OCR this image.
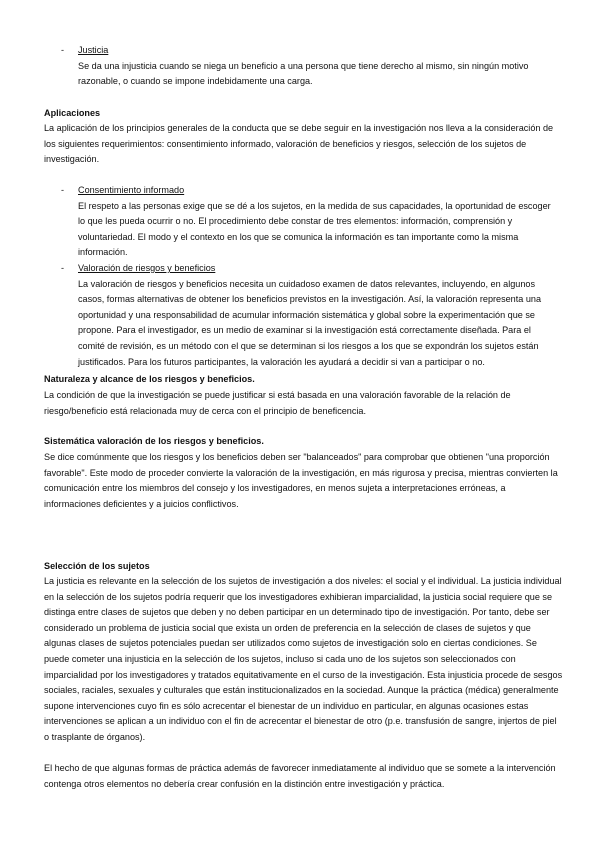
- Justicia

Se da una injusticia cuando se niega un beneficio a una persona que tiene derecho al mismo, sin ningún motivo razonable, o cuando se impone indebidamente una carga.

Aplicaciones

La aplicación de los principios generales de la conducta que se debe seguir en la investigación nos lleva a la consideración de los siguientes requerimientos: consentimiento informado, valoración de beneficios y riesgos, selección de los sujetos de investigación.

- Consentimiento informado

El respeto a las personas exige que se dé a los sujetos, en la medida de sus capacidades, la oportunidad de escoger lo que les pueda ocurrir o no. El procedimiento debe constar de tres elementos: información, comprensión y voluntariedad. El modo y el contexto en los que se comunica la información es tan importante como la misma información.

- Valoración de riesgos y beneficios

La valoración de riesgos y beneficios necesita un cuidadoso examen de datos relevantes, incluyendo, en algunos casos, formas alternativas de obtener los beneficios previstos en la investigación. Así, la valoración representa una oportunidad y una responsabilidad de acumular información sistemática y global sobre la experimentación que se propone. Para el investigador, es un medio de examinar si la investigación está correctamente diseñada. Para el comité de revisión, es un método con el que se determinan si los riesgos a los que se expondrán los sujetos están justificados. Para los futuros participantes, la valoración les ayudará a decidir si van a participar o no.

Naturaleza y alcance de los riesgos y beneficios.

La condición de que la investigación se puede justificar si está basada en una valoración favorable de la relación de riesgo/beneficio está relacionada muy de cerca con el principio de beneficencia.

Sistemática valoración de los riesgos y beneficios.

Se dice comúnmente que los riesgos y los beneficios deben ser "balanceados" para comprobar que obtienen "una proporción favorable". Este modo de proceder convierte la valoración de la investigación, en más rigurosa y precisa, mientras convierten la comunicación entre los miembros del consejo y los investigadores, en menos sujeta a interpretaciones erróneas, a informaciones deficientes y a juicios conflictivos.

Selección de los sujetos

La justicia es relevante en la selección de los sujetos de investigación a dos niveles: el social y el individual. La justicia individual en la selección de los sujetos podría requerir que los investigadores exhibieran imparcialidad, la justicia social requiere que se distinga entre clases de sujetos que deben y no deben participar en un determinado tipo de investigación. Por tanto, debe ser considerado un problema de justicia social que exista un orden de preferencia en la selección de clases de sujetos y que algunas clases de sujetos potenciales puedan ser utilizados como sujetos de investigación solo en ciertas condiciones. Se puede cometer una injusticia en la selección de los sujetos, incluso si cada uno de los sujetos son seleccionados con imparcialidad por los investigadores y tratados equitativamente en el curso de la investigación. Esta injusticia procede de sesgos sociales, raciales, sexuales y culturales que están institucionalizados en la sociedad. Aunque la práctica (médica) generalmente supone intervenciones cuyo fin es sólo acrecentar el bienestar de un individuo en particular, en algunas ocasiones estas intervenciones se aplican a un individuo con el fin de acrecentar el bienestar de otro (p.e. transfusión de sangre, injertos de piel o trasplante de órganos).

El hecho de que algunas formas de práctica además de favorecer inmediatamente al individuo que se somete a la intervención contenga otros elementos no debería crear confusión en la distinción entre investigación y práctica.
